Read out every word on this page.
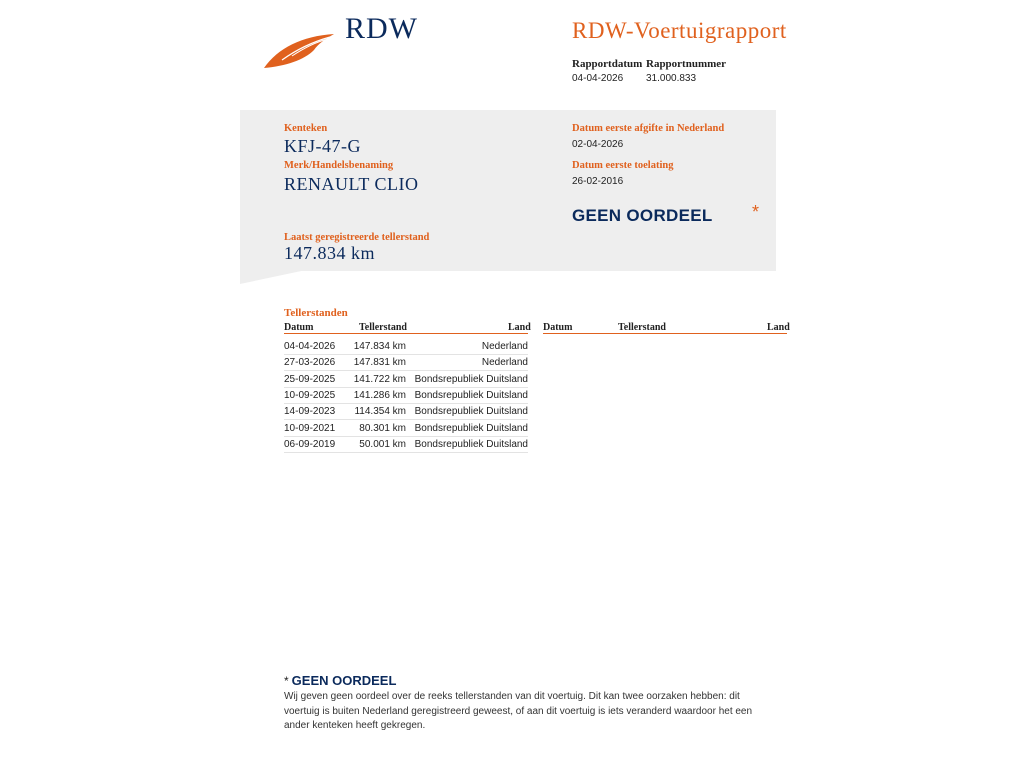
RDW	RDW-Voertuigrapport
Rapportdatum
04-04-2026
Rapportnummer
31.000.833
Kenteken
KFJ-47-G
Merk/Handelsbenaming
RENAULT CLIO
Datum eerste afgifte in Nederland
02-04-2026
Datum eerste toelating
26-02-2016
GEEN OORDEEL *
Laatst geregistreerde tellerstand
147.834 km
Tellerstanden
Datum	Tellerstand	Land Datum	Tellerstand	Land
04-04-2026 147.834 km	Nederland
27-03-2026 147.831 km	Nederland
25-09-2025 141.722 km Bondsrepubliek Duitsland
10-09-2025 141.286 km Bondsrepubliek Duitsland
14-09-2023 114.354 km Bondsrepubliek Duitsland
10-09-2021 80.301 km Bondsrepubliek Duitsland
06-09-2019 50.001 km Bondsrepubliek Duitsland
* GEEN OORDEEL
Wij geven geen oordeel over de reeks tellerstanden van dit voertuig. Dit kan twee oorzaken hebben: dit voertuig is buiten Nederland geregistreerd geweest, of aan dit voertuig is iets veranderd waardoor het een ander kenteken heeft gekregen.
